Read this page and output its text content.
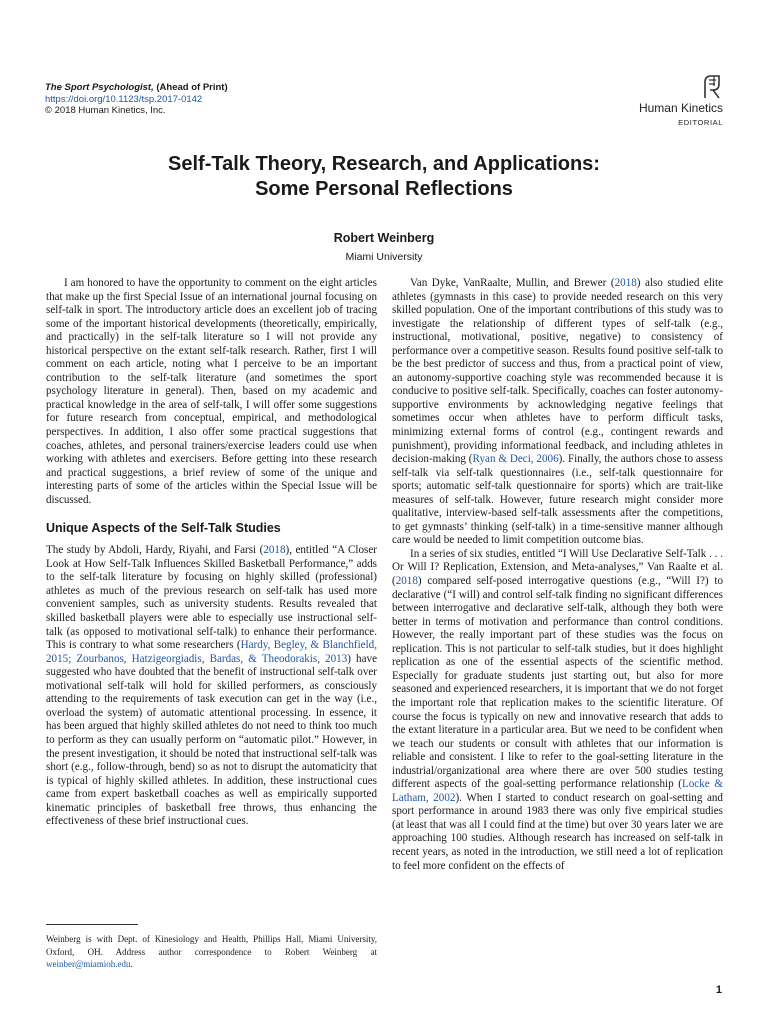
The Sport Psychologist, (Ahead of Print)
https://doi.org/10.1123/tsp.2017-0142
© 2018 Human Kinetics, Inc.	Human Kinetics
EDITORIAL
Self-Talk Theory, Research, and Applications:
Some Personal Reflections
Robert Weinberg
Miami University

I am honored to have the opportunity to comment on the eight articles that make up the first Special Issue of an international journal focusing on self-talk in sport. The introductory article does an excellent job of tracing some of the important historical developments (theoretically, empirically, and practically) in the self-talk literature so I will not provide any historical perspective on the extant self-talk research. Rather, first I will comment on each article, noting what I perceive to be an important contribution to the self-talk literature (and sometimes the sport psychology literature in general). Then, based on my academic and practical knowledge in the area of self-talk, I will offer some suggestions for future research from conceptual, empirical, and methodological perspectives. In addition, I also offer some practical suggestions that coaches, athletes, and personal trainers/exercise leaders could use when working with athletes and exercisers. Before getting into these research and practical suggestions, a brief review of some of the unique and interesting parts of some of the articles within the Special Issue will be discussed.

Unique Aspects of the Self-Talk Studies

The study by Abdoli, Hardy, Riyahi, and Farsi (2018), entitled “A Closer Look at How Self-Talk Influences Skilled Basketball Performance,” adds to the self-talk literature by focusing on highly skilled (professional) athletes as much of the previous research on self-talk has used more convenient samples, such as university students. Results revealed that skilled basketball players were able to especially use instructional self-talk (as opposed to motivational self-talk) to enhance their performance. This is contrary to what some researchers (Hardy, Begley, & Blanchfield, 2015; Zourbanos, Hatzigeorgiadis, Bardas, & Theodorakis, 2013) have suggested who have doubted that the benefit of instructional self-talk over motivational self-talk will hold for skilled performers, as consciously attending to the requirements of task execution can get in the way (i.e., overload the system) of automatic attentional processing. In essence, it has been argued that highly skilled athletes do not need to think too much to perform as they can usually perform on “automatic pilot.” However, in the present investigation, it should be noted that instructional self-talk was short (e.g., follow-through, bend) so as not to disrupt the automaticity that is typical of highly skilled athletes. In addition, these instructional cues came from expert basketball coaches as well as empirically supported kinematic principles of basketball free throws, thus enhancing the effectiveness of these brief instructional cues.

Van Dyke, VanRaalte, Mullin, and Brewer (2018) also studied elite athletes (gymnasts in this case) to provide needed research on this very skilled population. One of the important contributions of this study was to investigate the relationship of different types of self-talk (e.g., instructional, motivational, positive, negative) to consistency of performance over a competitive season. Results found positive self-talk to be the best predictor of success and thus, from a practical point of view, an autonomy-supportive coaching style was recommended because it is conducive to positive self-talk. Specifically, coaches can foster autonomy-supportive environments by acknowledging negative feelings that sometimes occur when athletes have to perform difficult tasks, minimizing external forms of control (e.g., contingent rewards and punishment), providing informational feedback, and including athletes in decision-making (Ryan & Deci, 2006). Finally, the authors chose to assess self-talk via self-talk questionnaires (i.e., self-talk questionnaire for sports; automatic self-talk questionnaire for sports) which are trait-like measures of self-talk. However, future research might consider more qualitative, interview-based self-talk assessments after the competitions, to get gymnasts’ thinking (self-talk) in a time-sensitive manner although care would be needed to limit competition outcome bias.

In a series of six studies, entitled “I Will Use Declarative Self-Talk . . . Or Will I? Replication, Extension, and Meta-analyses,” Van Raalte et al. (2018) compared self-posed interrogative questions (e.g., “Will I?) to declarative (“I will) and control self-talk finding no significant differences between interrogative and declarative self-talk, although they both were better in terms of motivation and performance than control conditions. However, the really important part of these studies was the focus on replication. This is not particular to self-talk studies, but it does highlight replication as one of the essential aspects of the scientific method. Especially for graduate students just starting out, but also for more seasoned and experienced researchers, it is important that we do not forget the important role that replication makes to the scientific literature. Of course the focus is typically on new and innovative research that adds to the extant literature in a particular area. But we need to be confident when we teach our students or consult with athletes that our information is reliable and consistent. I like to refer to the goal-setting literature in the industrial/organizational area where there are over 500 studies testing different aspects of the goal-setting performance relationship (Locke & Latham, 2002). When I started to conduct research on goal-setting and sport performance in around 1983 there was only five empirical studies (at least that was all I could find at the time) but over 30 years later we are approaching 100 studies. Although research has increased on self-talk in recent years, as noted in the introduction, we still need a lot of replication to feel more confident on the effects of

Weinberg is with Dept. of Kinesiology and Health, Phillips Hall, Miami University, Oxford, OH. Address author correspondence to Robert Weinberg at weinber@miamioh.edu.
1
